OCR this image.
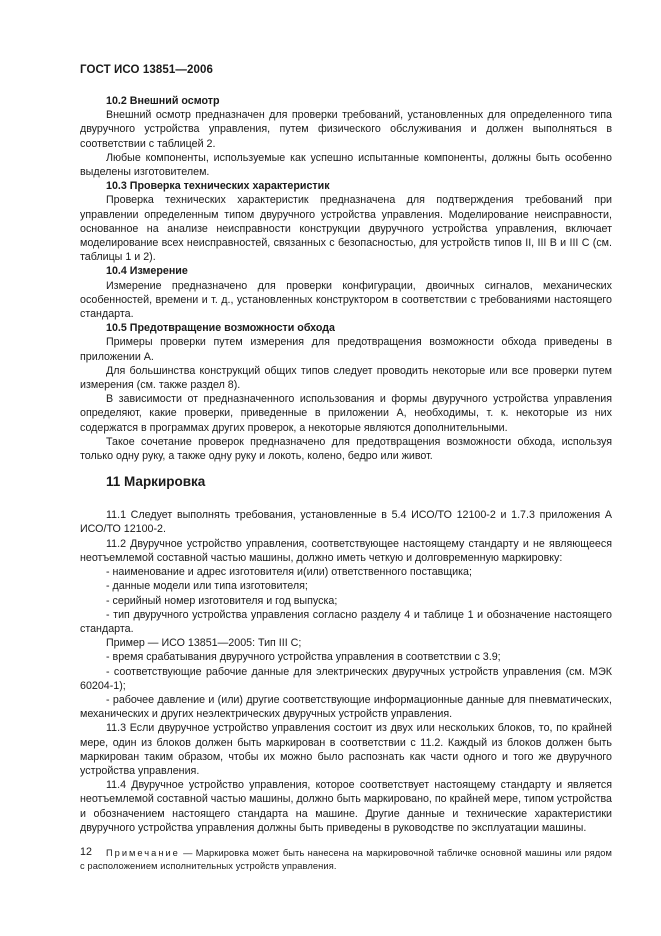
ГОСТ ИСО 13851—2006

10.2 Внешний осмотр

Внешний осмотр предназначен для проверки требований, установленных для определенного типа двуручного устройства управления, путем физического обслуживания и должен выполняться в соответствии с таблицей 2.

Любые компоненты, используемые как успешно испытанные компоненты, должны быть особенно выделены изготовителем.

10.3 Проверка технических характеристик

Проверка технических характеристик предназначена для подтверждения требований при управлении определенным типом двуручного устройства управления. Моделирование неисправности, основанное на анализе неисправности конструкции двуручного устройства управления, включает моделирование всех неисправностей, связанных с безопасностью, для устройств типов II, III В и III С (см. таблицы 1 и 2).

10.4 Измерение

Измерение предназначено для проверки конфигурации, двоичных сигналов, механических особенностей, времени и т. д., установленных конструктором в соответствии с требованиями настоящего стандарта.

10.5 Предотвращение возможности обхода

Примеры проверки путем измерения для предотвращения возможности обхода приведены в приложении А.

Для большинства конструкций общих типов следует проводить некоторые или все проверки путем измерения (см. также раздел 8).

В зависимости от предназначенного использования и формы двуручного устройства управления определяют, какие проверки, приведенные в приложении А, необходимы, т. к. некоторые из них содержатся в программах других проверок, а некоторые являются дополнительными.

Такое сочетание проверок предназначено для предотвращения возможности обхода, используя только одну руку, а также одну руку и локоть, колено, бедро или живот.

11 Маркировка

11.1 Следует выполнять требования, установленные в 5.4 ИСО/ТО 12100-2 и 1.7.3 приложения А ИСО/ТО 12100-2.

11.2 Двуручное устройство управления, соответствующее настоящему стандарту и не являющееся неотъемлемой составной частью машины, должно иметь четкую и долговременную маркировку:

- наименование и адрес изготовителя и(или) ответственного поставщика;

- данные модели или типа изготовителя;

- серийный номер изготовителя и год выпуска;

- тип двуручного устройства управления согласно разделу 4 и таблице 1 и обозначение настоящего стандарта.

Пример — ИСО 13851—2005: Тип III С;

- время срабатывания двуручного устройства управления в соответствии с 3.9;

- соответствующие рабочие данные для электрических двуручных устройств управления (см. МЭК 60204-1);

- рабочее давление и (или) другие соответствующие информационные данные для пневматических, механических и других неэлектрических двуручных устройств управления.

11.3 Если двуручное устройство управления состоит из двух или нескольких блоков, то, по крайней мере, один из блоков должен быть маркирован в соответствии с 11.2. Каждый из блоков должен быть маркирован таким образом, чтобы их можно было распознать как части одного и того же двуручного устройства управления.

11.4 Двуручное устройство управления, которое соответствует настоящему стандарту и является неотъемлемой составной частью машины, должно быть маркировано, по крайней мере, типом устройства и обозначением настоящего стандарта на машине. Другие данные и технические характеристики двуручного устройства управления должны быть приведены в руководстве по эксплуатации машины.

Примечание — Маркировка может быть нанесена на маркировочной табличке основной машины или рядом с расположением исполнительных устройств управления.

12
